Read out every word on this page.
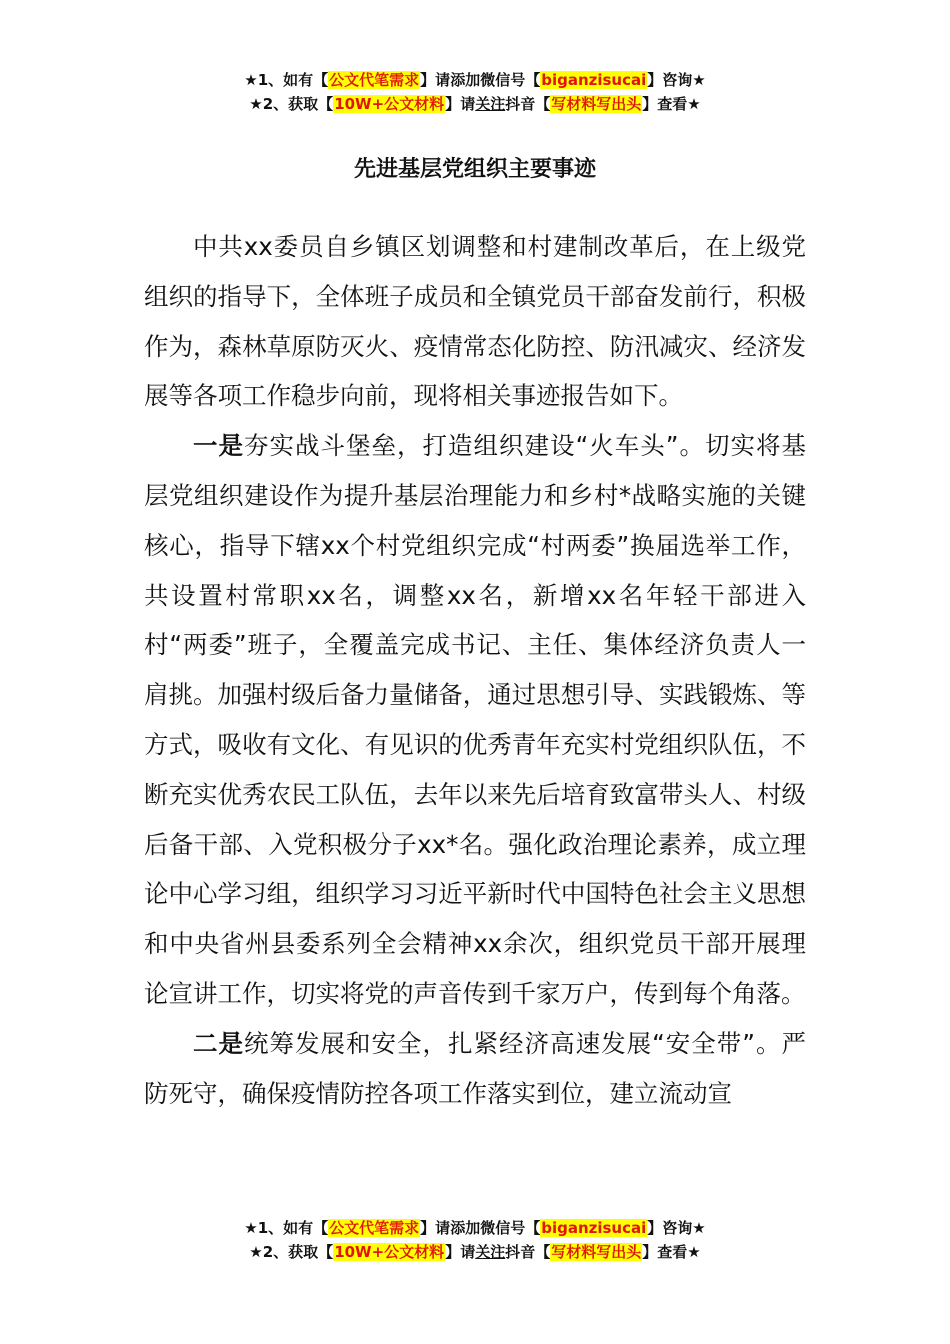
★1、如有【公文代笔需求】请添加微信号【biganzisucai】咨询★
★2、获取【10W+公文材料】请关注抖音【写材料写出头】查看★
先进基层党组织主要事迹

中共xx委员自乡镇区划调整和村建制改革后，在上级党组织的指导下，全体班子成员和全镇党员干部奋发前行，积极作为，森林草原防灭火、疫情常态化防控、防汛减灾、经济发展等各项工作稳步向前，现将相关事迹报告如下。

一是夯实战斗堡垒，打造组织建设“火车头”。切实将基层党组织建设作为提升基层治理能力和乡村*战略实施的关键核心，指导下辖xx个村党组织完成“村两委”换届选举工作，共设置村常职xx名，调整xx名，新增xx名年轻干部进入村“两委”班子，全覆盖完成书记、主任、集体经济负责人一肩挑。加强村级后备力量储备，通过思想引导、实践锻炼、等方式，吸收有文化、有见识的优秀青年充实村党组织队伍，不断充实优秀农民工队伍，去年以来先后培育致富带头人、村级后备干部、入党积极分子xx*名。强化政治理论素养，成立理论中心学习组，组织学习习近平新时代中国特色社会主义思想和中央省州县委系列全会精神xx余次，组织党员干部开展理论宣讲工作，切实将党的声音传到千家万户，传到每个角落。

二是统筹发展和安全，扎紧经济高速发展“安全带”。严防死守，确保疫情防控各项工作落实到位，建立流动宣

★1、如有【公文代笔需求】请添加微信号【biganzisucai】咨询★
★2、获取【10W+公文材料】请关注抖音【写材料写出头】查看★
